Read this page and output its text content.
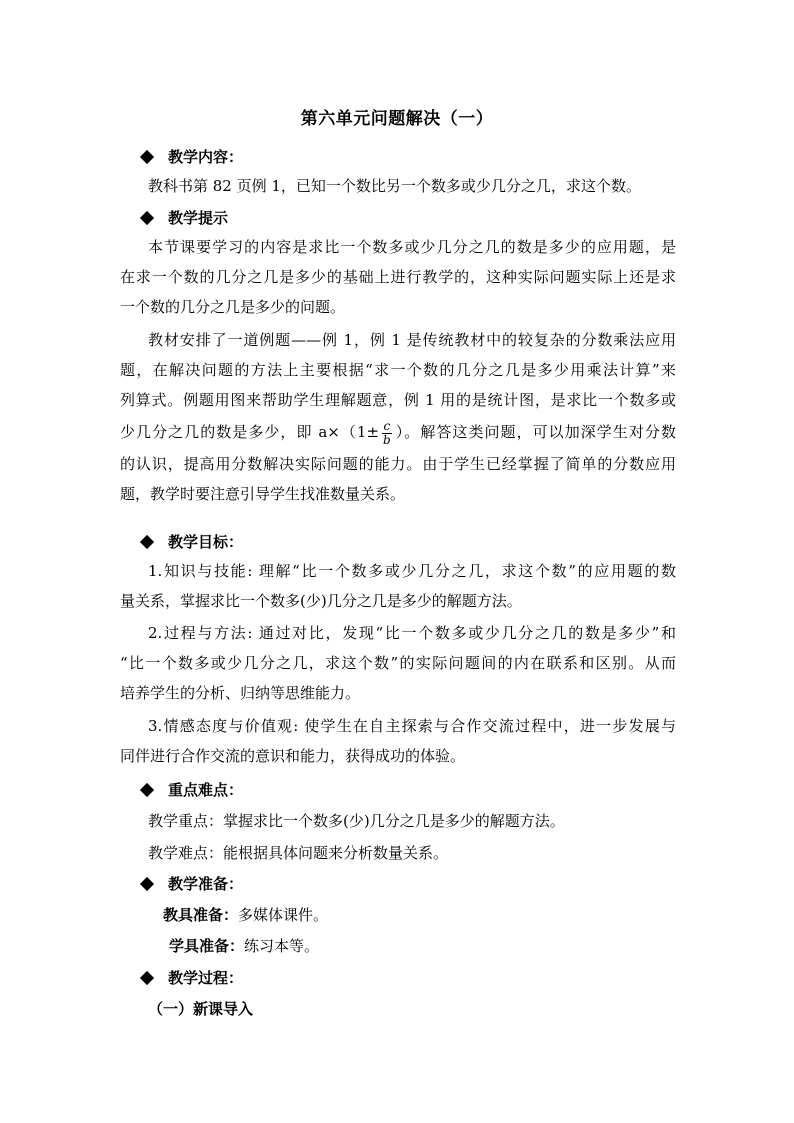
第六单元问题解决（一）
教学内容：
教科书第 82 页例 1，已知一个数比另一个数多或少几分之几，求这个数。
教学提示
本节课要学习的内容是求比一个数多或少几分之几的数是多少的应用题，是
在求一个数的几分之几是多少的基础上进行教学的，这种实际问题实际上还是求
一个数的几分之几是多少的问题。
教材安排了一道例题——例 1，例 1 是传统教材中的较复杂的分数乘法应用
题，在解决问题的方法上主要根据“求一个数的几分之几是多少用乘法计算”来
列算式。例题用图来帮助学生理解题意，例 1 用的是统计图，是求比一个数多或
少几分之几的数是多少，即 $a\times(1\pm \frac{c}{b}$ ）。解答这类问题，可以加深学生对分数
的认识，提高用分数解决实际问题的能力。由于学生已经掌握了简单的分数应用
题，教学时要注意引导学生找准数量关系。
教学目标：
1.知识与技能: 理解“比一个数多或少几分之几，求这个数”的应用题的数
量关系，掌握求比一个数多(少)几分之几是多少的解题方法。
2.过程与方法: 通过对比，发现“比一个数多或少几分之几的数是多少”和
“比一个数多或少几分之几，求这个数”的实际问题间的内在联系和区别。从而
培养学生的分析、归纳等思维能力。
3.情感态度与价值观: 使学生在自主探索与合作交流过程中，进一步发展与
同伴进行合作交流的意识和能力，获得成功的体验。
重点难点：
教学重点：掌握求比一个数多(少)几分之几是多少的解题方法。
教学难点：能根据具体问题来分析数量关系。
教学准备：
教具准备：多媒体课件。
学具准备：练习本等。
教学过程：
（一）新课导入
